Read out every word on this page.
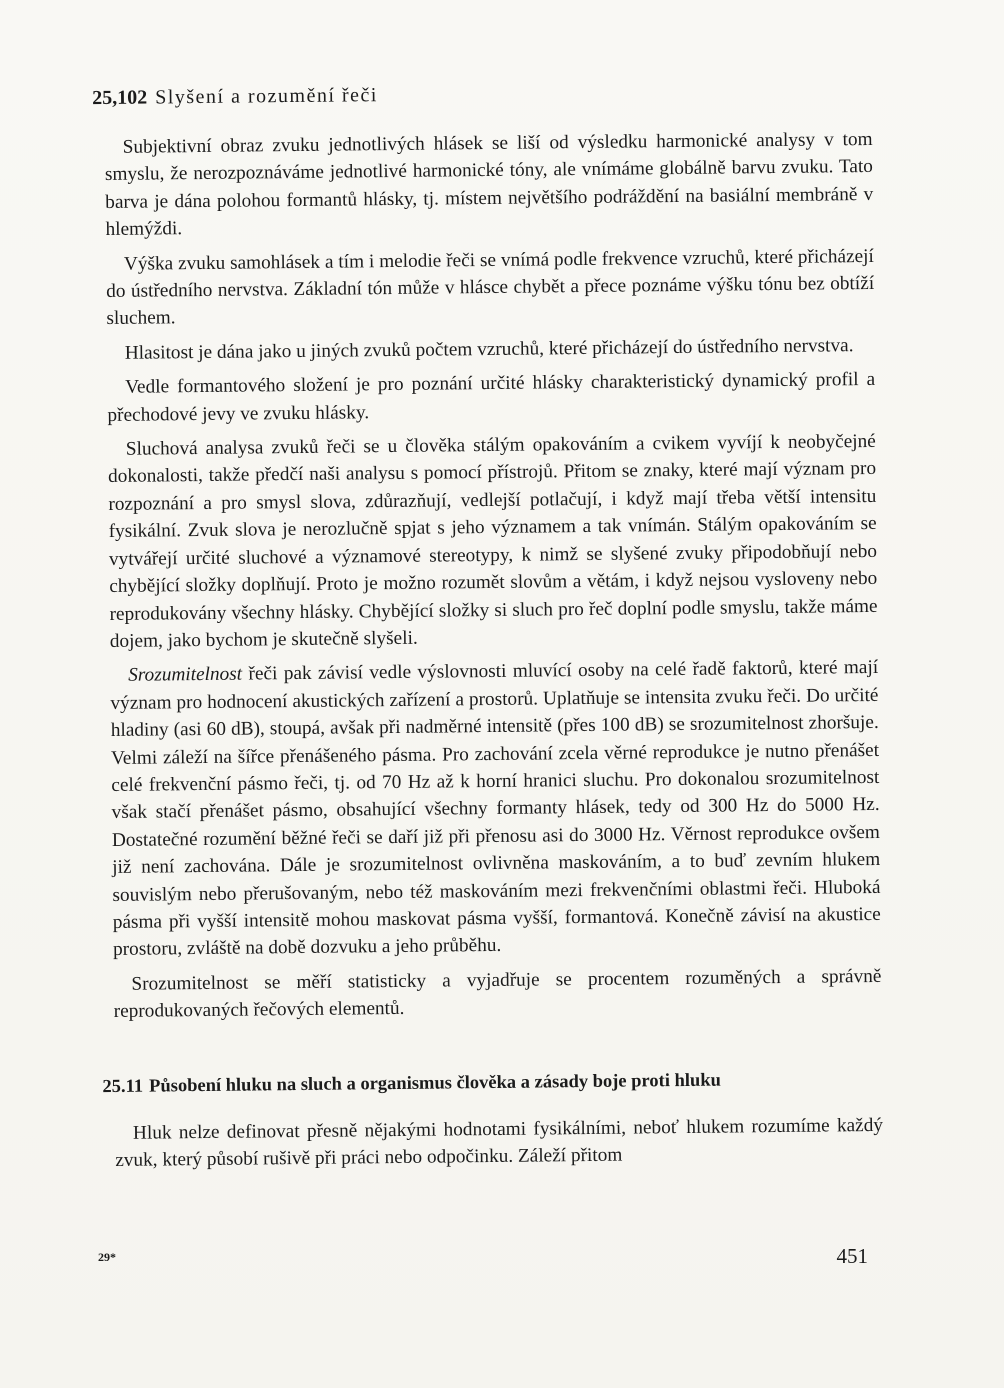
25,102 Slyšení a rozumění řeči

Subjektivní obraz zvuku jednotlivých hlásek se liší od výsledku harmonické analysy v tom smyslu, že nerozpoznáváme jednotlivé harmonické tóny, ale vnímáme globálně barvu zvuku. Tato barva je dána polohou formantů hlásky, tj. místem největšího podráždění na basiální membráně v hlemýždi.

Výška zvuku samohlásek a tím i melodie řeči se vnímá podle frekvence vzruchů, které přicházejí do ústředního nervstva. Základní tón může v hlásce chybět a přece poznáme výšku tónu bez obtíží sluchem.

Hlasitost je dána jako u jiných zvuků počtem vzruchů, které přicházejí do ústředního nervstva.

Vedle formantového složení je pro poznání určité hlásky charakteristický dynamický profil a přechodové jevy ve zvuku hlásky.

Sluchová analysa zvuků řeči se u člověka stálým opakováním a cvikem vyvíjí k neobyčejné dokonalosti, takže předčí naši analysu s pomocí přístrojů. Přitom se znaky, které mají význam pro rozpoznání a pro smysl slova, zdůrazňují, vedlejší potlačují, i když mají třeba větší intensitu fysikální. Zvuk slova je nerozlučně spjat s jeho významem a tak vnímán. Stálým opakováním se vytvářejí určité sluchové a významové stereotypy, k nimž se slyšené zvuky připodobňují nebo chybějící složky doplňují. Proto je možno rozumět slovům a větám, i když nejsou vysloveny nebo reprodukovány všechny hlásky. Chybějící složky si sluch pro řeč doplní podle smyslu, takže máme dojem, jako bychom je skutečně slyšeli.

Srozumitelnost řeči pak závisí vedle výslovnosti mluvící osoby na celé řadě faktorů, které mají význam pro hodnocení akustických zařízení a prostorů. Uplatňuje se intensita zvuku řeči. Do určité hladiny (asi 60 dB), stoupá, avšak při nadměrné intensitě (přes 100 dB) se srozumitelnost zhoršuje. Velmi záleží na šířce přenášeného pásma. Pro zachování zcela věrné reprodukce je nutno přenášet celé frekvenční pásmo řeči, tj. od 70 Hz až k horní hranici sluchu. Pro dokonalou srozumitelnost však stačí přenášet pásmo, obsahující všechny formanty hlásek, tedy od 300 Hz do 5000 Hz. Dostatečné rozumění běžné řeči se daří již při přenosu asi do 3000 Hz. Věrnost reprodukce ovšem již není zachována. Dále je srozumitelnost ovlivněna maskováním, a to buď zevním hlukem souvislým nebo přerušovaným, nebo též maskováním mezi frekvenčními oblastmi řeči. Hluboká pásma při vyšší intensitě mohou maskovat pásma vyšší, formantová. Konečně závisí na akustice prostoru, zvláště na době dozvuku a jeho průběhu.

Srozumitelnost se měří statisticky a vyjadřuje se procentem rozuměných a správně reprodukovaných řečových elementů.

25.11 Působení hluku na sluch a organismus člověka a zásady boje proti hluku

Hluk nelze definovat přesně nějakými hodnotami fysikálními, neboť hlukem rozumíme každý zvuk, který působí rušivě při práci nebo odpočinku. Záleží přitom

29*	451
